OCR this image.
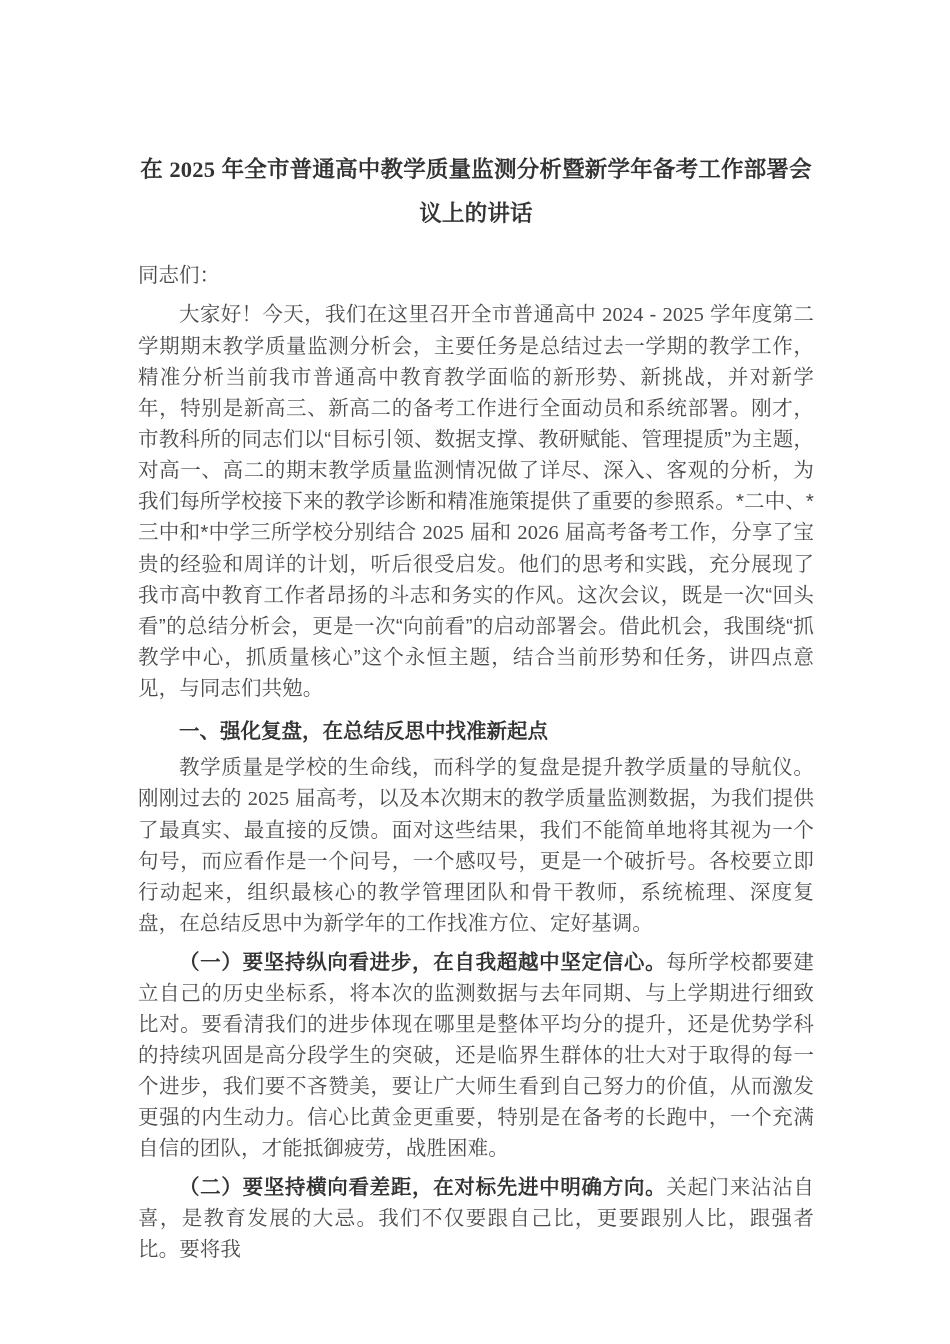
在 2025 年全市普通高中教学质量监测分析暨新学年备考工作部署会
议上的讲话

同志们：

大家好！今天，我们在这里召开全市普通高中 2024 - 2025 学年度第二学期期末教学质量监测分析会，主要任务是总结过去一学期的教学工作，精准分析当前我市普通高中教育教学面临的新形势、新挑战，并对新学年，特别是新高三、新高二的备考工作进行全面动员和系统部署。刚才，市教科所的同志们以“目标引领、数据支撑、教研赋能、管理提质”为主题，对高一、高二的期末教学质量监测情况做了详尽、深入、客观的分析，为我们每所学校接下来的教学诊断和精准施策提供了重要的参照系。*二中、*三中和*中学三所学校分别结合 2025 届和 2026 届高考备考工作，分享了宝贵的经验和周详的计划，听后很受启发。他们的思考和实践，充分展现了我市高中教育工作者昂扬的斗志和务实的作风。这次会议，既是一次“回头看”的总结分析会，更是一次“向前看”的启动部署会。借此机会，我围绕“抓教学中心，抓质量核心”这个永恒主题，结合当前形势和任务，讲四点意见，与同志们共勉。

一、强化复盘，在总结反思中找准新起点

教学质量是学校的生命线，而科学的复盘是提升教学质量的导航仪。刚刚过去的 2025 届高考，以及本次期末的教学质量监测数据，为我们提供了最真实、最直接的反馈。面对这些结果，我们不能简单地将其视为一个句号，而应看作是一个问号，一个感叹号，更是一个破折号。各校要立即行动起来，组织最核心的教学管理团队和骨干教师，系统梳理、深度复盘，在总结反思中为新学年的工作找准方位、定好基调。

（一）要坚持纵向看进步，在自我超越中坚定信心。每所学校都要建立自己的历史坐标系，将本次的监测数据与去年同期、与上学期进行细致比对。要看清我们的进步体现在哪里是整体平均分的提升，还是优势学科的持续巩固是高分段学生的突破，还是临界生群体的壮大对于取得的每一个进步，我们要不吝赞美，要让广大师生看到自己努力的价值，从而激发更强的内生动力。信心比黄金更重要，特别是在备考的长跑中，一个充满自信的团队，才能抵御疲劳，战胜困难。

（二）要坚持横向看差距，在对标先进中明确方向。关起门来沾沾自喜，是教育发展的大忌。我们不仅要跟自己比，更要跟别人比，跟强者比。要将我
